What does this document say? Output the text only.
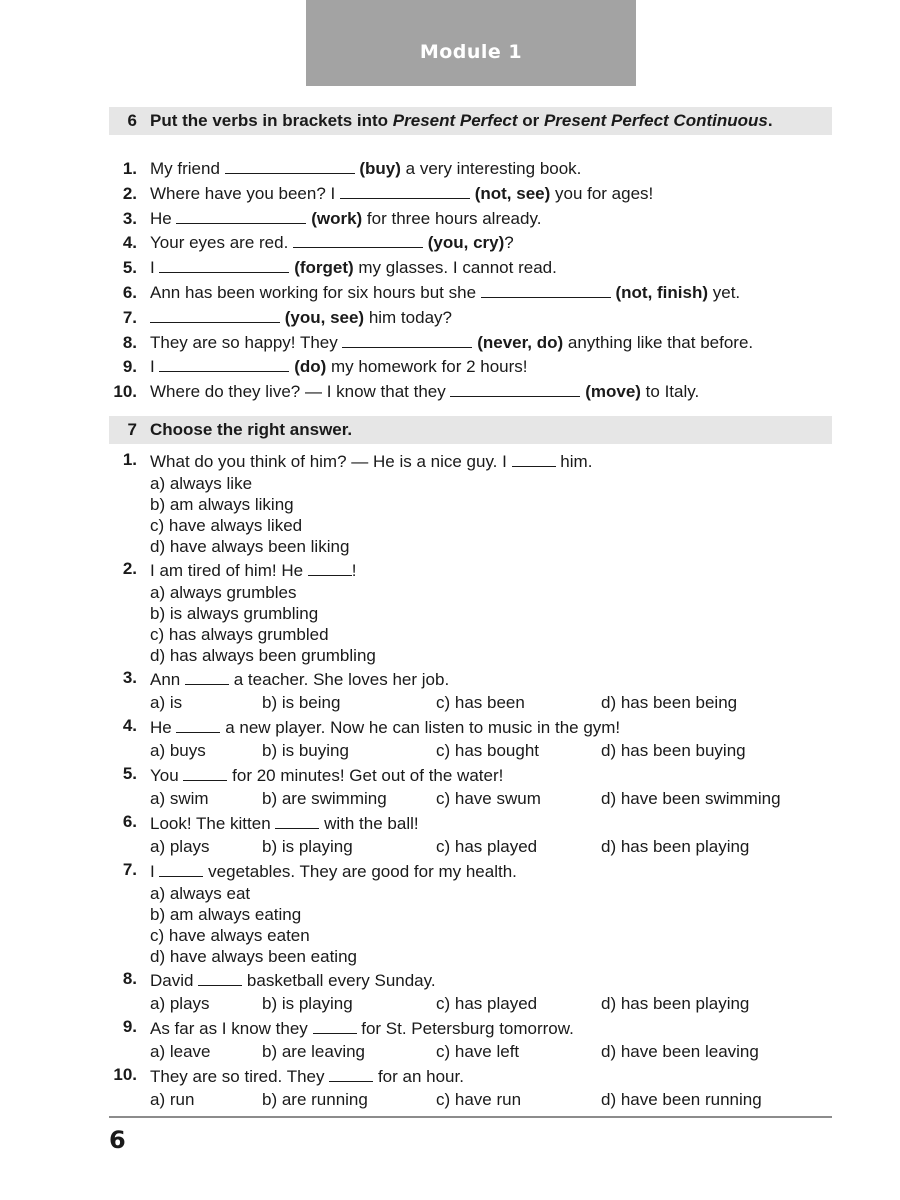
Module 1
6 Put the verbs in brackets into Present Perfect or Present Perfect Continuous.
1. My friend	(buy) a very interesting book.
2. Where have you been? I	(not, see) you for ages!
3. He	(work) for three hours already.
4. Your eyes are red.	(you, cry)?
5. I	(forget) my glasses. I cannot read.
6. Ann has been working for six hours but she	(not, finish) yet.
7.	(you, see) him today?
8. They are so happy! They	(never, do) anything like that before.
9. I	(do) my homework for 2 hours!
10. Where do they live? — I know that they	(move) to Italy.
7 Choose the right answer.
1. What do you think of him? — He is a nice guy. I	him.
a) always like
b) am always liking
c) have always liked
d) have always been liking
2. I am tired of him! He	!
a) always grumbles
b) is always grumbling
c) has always grumbled
d) has always been grumbling
3. Ann	a teacher. She loves her job.
a) is	b) is being	c) has been	d) has been being
4. He	a new player. Now he can listen to music in the gym!
a) buys	b) is buying	c) has bought	d) has been buying
5. You	for 20 minutes! Get out of the water!
a) swim	b) are swimming	c) have swum	d) have been swimming
6. Look! The kitten	with the ball!
a) plays	b) is playing	c) has played	d) has been playing
7. I	vegetables. They are good for my health.
a) always eat
b) am always eating
c) have always eaten
d) have always been eating
8. David	basketball every Sunday.
a) plays	b) is playing	c) has played	d) has been playing
9. As far as I know they	for St. Petersburg tomorrow.
a) leave	b) are leaving	c) have left	d) have been leaving
10. They are so tired. They	for an hour.
a) run	b) are running	c) have run	d) have been running
6
